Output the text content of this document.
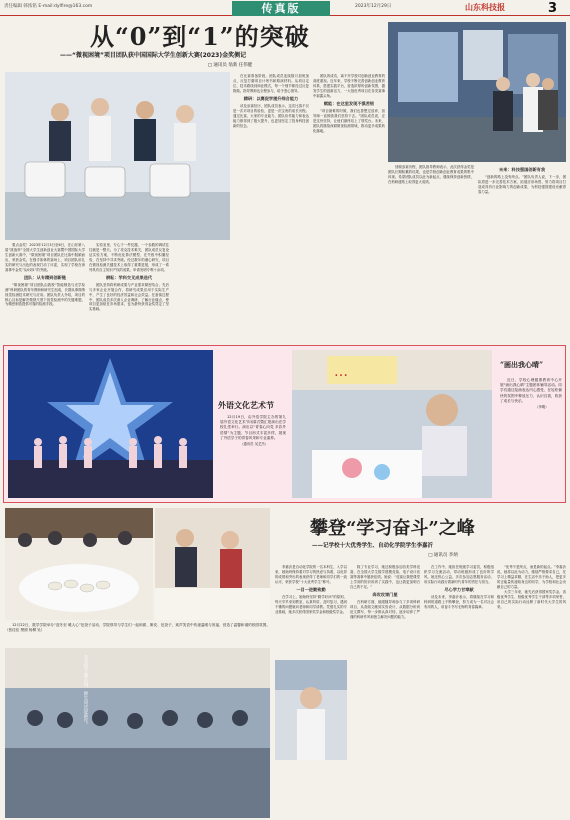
责任编辑 韩浓铭 E-mail:dylfire@163.com	传真版	2023年12月29日	山东科技报	3
从“0”到“1”的突破
——“微视困境”项目团队获中国国际大学生创新大赛(2023)金奖侧记
□ 通讯员 翁新 任伟健

要点金奖！2023年12月3日至6日，在山东第八届“挑战杯”全国大学生创新创业大赛暨中国国际大学生创新大赛中，“微视困境”项目团队在比赛中脱颖而出，荣获金奖。在强手如林的赛场上，项目团队用扎实的研究与出色的表现打动了评委，实现了学校在该赛事中金奖“从0到1”的突破。

团队：从专精到创新链

“微视困境”项目团队由我校“智能制造与光学检测”科研团队的青年教师和研究生组成，长期从事微纳视觉检测技术研究与应用。团队负责人介绍，项目的核心目标是解决微纳尺度下视觉检测中的关键难题，为精密制造提供可靠的检测手段。

实验室里，专心于一件仪器，一个参数的调试往往就是一整天。为了攻克技术难关，团队成员反复论证实验方案，不断优化算法模型，在失败中积累经验，在坚持中寻求突破。经过数年的潜心研究，项目在微视检测关键技术上取得了重要进展，形成了一系列具有自主知识产权的成果，申请发明专利十余项。

耕耘：学科交叉成果迭代

团队坚持将科研成果与产业需求紧密结合，先后与多家企业开展合作，将研究成果应用于实际生产中，产生了良好的经济效益和社会效益。在备赛过程中，团队成员多次深入企业调研，了解行业痛点，使项目更加贴近市场需求，也为最终获得金奖奠定了坚实基础。

在比赛准备阶段，团队成员连续数月加班加点，反复打磨项目计划书和路演材料。从项目定位、技术路线到商业模式，每一个细节都经过反复推敲。指导教师也全程参与，给予悉心指导。

精研：以赛促学提升综合能力

谈及参赛经历，团队成员表示，这次比赛不仅是一次对项目的检验，更是一次宝贵的成长历程。通过比赛，大家的专业能力、团队协作能力和表达能力都得到了极大提升，也更加坚定了投身科技创新的信念。

团队的成功，离不开学校对创新创业教育的高度重视。近年来，学校不断完善创新创业教育体系，搭建实践平台，营造浓厚的创新氛围，激发学生的创新活力，一大批优秀项目在各类赛事中崭露头角。

赋能：在这里发现不惧苦韧

“项目最难的时候，我们也曾想过放弃，但导师一直鼓励我们坚持下去。”团队成员说，正是这份坚持，让他们最终站上了领奖台。未来，团队将继续深耕微视检测领域，推动更多成果转化落地。

回顾参赛历程，团队指导教师表示，此次获得金奖是团队长期积累的结果，也是学校创新创业教育成果的集中体现。希望团队成员以此为新起点，继续保持创新热情，在科研道路上取得更大成绩。

未来：科技强国创新有我

“创新的路上没有终点。”团队负责人说，下一步，团队将进一步完善技术方案，拓展应用场景，努力将项目打造成具有行业影响力的创新成果，为科技强国建设贡献青春力量。

外语文化艺术节

12月19日，由外语学院主办的第九届外语文化艺术节闭幕式暨汇报演出在学校礼堂举行。演出以“青春心向党 多彩外语情”为主题，节目形式丰富多样，展现了外语学子的青春风采和专业素养。

（通讯员 吴艺杰）

…	“画出我心晴”

近日，学校心理健康教育中心开展“画出我心晴”主题团体辅导活动。同学们通过绘画表达内心感受，在轻松愉快的氛围中释放压力、认识自我，收获了成长与快乐。

（李嗅）

12月22日，数学学院举办“迎冬至 暖人心”包饺子活动，学院领导与学生们一起和面、擀皮、包饺子，欢声笑语中传递温暖与祝福，营造了温馨和谐的校园氛围。（张佳佳 樊照 杨柳 吴）

冬至饺子暖心田，师生同庆迎新年。
攀登“学习奋斗”之峰
——记学校十大优秀学生、自动化学院学生李嘉沂
□ 通讯员 李炳

李嘉沂是自动化学院的一名本科生，入学以来，她始终保持着对学习的热爱与执着，以优异的成绩和突出的表现获得了老师和同学们的一致认可，荣获学校“十大优秀学生”称号。

一目一进勤致勤

在学习上，她始终坚持“勤学好问”的原则，每天早早来到教室，认真听讲，及时复习，遇到不懂的问题就向老师和同学请教。凭借扎实的专业基础，她多次获得国家奖学金和校级奖学金。

除了专业学习，她还积极参加各类学科竞赛，在全国大学生数学建模竞赛、电子设计竞赛等赛事中屡获佳绩。她说：“竞赛让我把课堂上学到的知识用到了实践中，也让我更加明白自己的不足。”

奔攻攻课门屋

在科研方面，她跟随导师参与了多项科研项目，从查阅文献到实验设计，从数据分析到论文撰写，每一步都认真对待，逐步培养了严谨的科研作风和独立解决问题的能力。

在工作中，她担任班级学习委员，积极组织学习交流活动，带动班级形成了良好的学风。她还热心公益，多次参加志愿服务活动，用实际行动践行着新时代青年的责任与担当。

尽心学力甘奉献

谈及未来，李嘉沂表示，将继续在学习和科研的道路上不断攀登，努力成为一名对社会有用的人，用奋斗书写无悔的青春篇章。

“优秀不是终点，而是新的起点。”李嘉沂说，她将以此为动力，继续严格要求自己，在学习上精益求精，在生活中乐于助人，把更多的正能量传递给身边的同学，为学校和社会贡献自己的力量。

大学三年来，她先后获得国家奖学金、省级优秀学生、校级优秀学生干部等多项荣誉，用自己的实际行动诠释了新时代大学生的风采。
